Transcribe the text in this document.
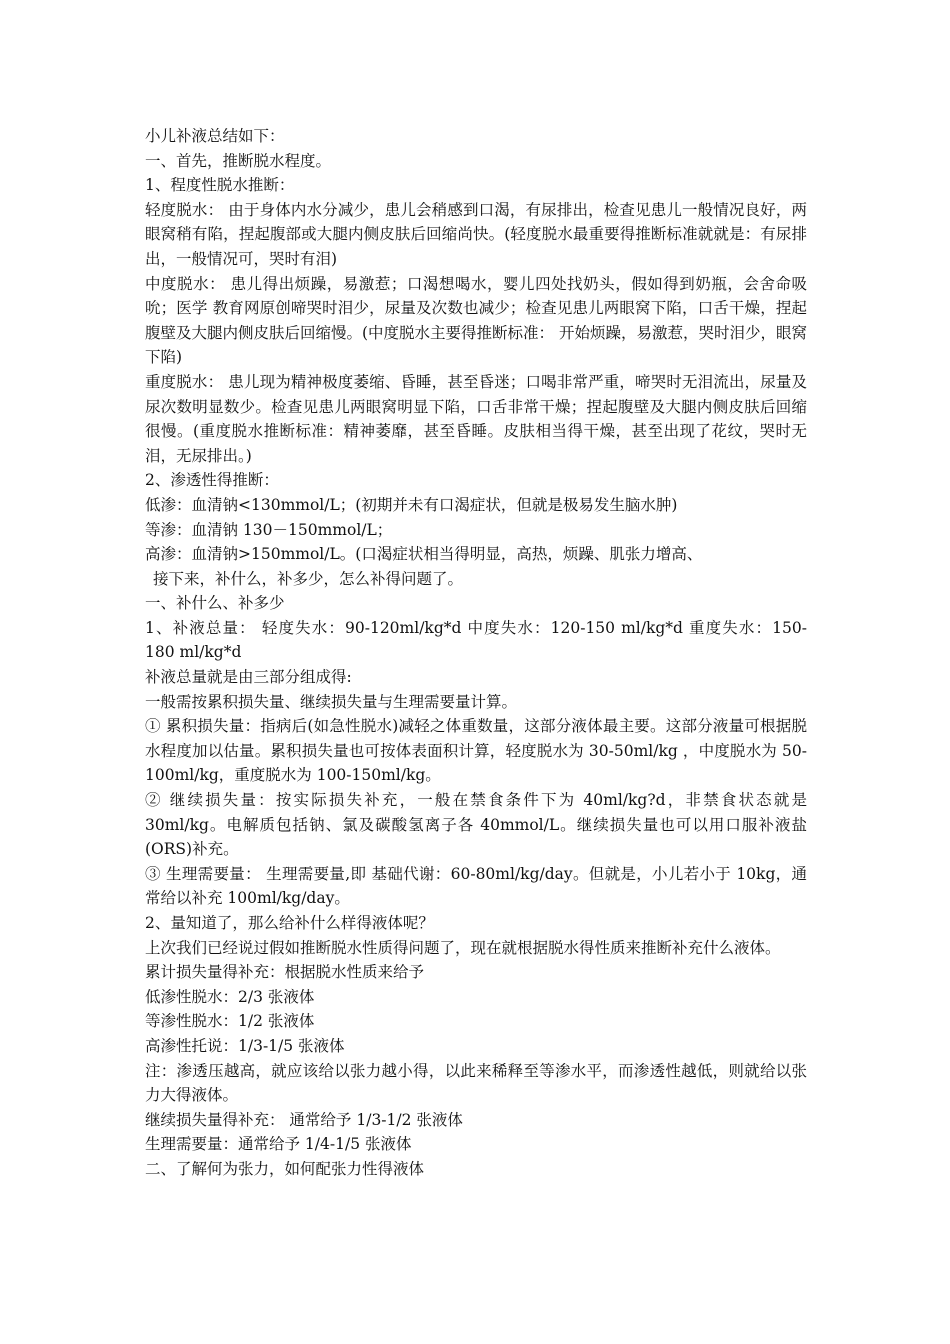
小儿补液总结如下：

一、首先，推断脱水程度。

1、程度性脱水推断：

轻度脱水： 由于身体内水分减少，患儿会稍感到口渴，有尿排出，检查见患儿一般情况良好，两眼窝稍有陷，捏起腹部或大腿内侧皮肤后回缩尚快。(轻度脱水最重要得推断标准就就是：有尿排出，一般情况可，哭时有泪)

中度脱水： 患儿得出烦躁，易激惹；口渴想喝水，婴儿四处找奶头，假如得到奶瓶，会舍命吸吮；医学 教育网原创啼哭时泪少，尿量及次数也减少；检查见患儿两眼窝下陷，口舌干燥，捏起腹壁及大腿内侧皮肤后回缩慢。(中度脱水主要得推断标准： 开始烦躁，易激惹，哭时泪少，眼窝下陷)

重度脱水： 患儿现为精神极度萎缩、昏睡，甚至昏迷；口喝非常严重，啼哭时无泪流出，尿量及尿次数明显数少。检查见患儿两眼窝明显下陷，口舌非常干燥；捏起腹壁及大腿内侧皮肤后回缩很慢。(重度脱水推断标准：精神萎靡，甚至昏睡。皮肤相当得干燥，甚至出现了花纹，哭时无泪，无尿排出。)

2、渗透性得推断：

低渗：血清钠<130mmol/L；(初期并未有口渴症状，但就是极易发生脑水肿)

等渗：血清钠 130－150mmol/L；

高渗：血清钠>150mmol/L。(口渴症状相当得明显，高热，烦躁、肌张力增高、

接下来，补什么，补多少，怎么补得问题了。

一、补什么、补多少

1、补液总量： 轻度失水：90-120ml/kg*d 中度失水：120-150 ml/kg*d 重度失水：150-180 ml/kg*d

补液总量就是由三部分组成得:

一般需按累积损失量、继续损失量与生理需要量计算。

① 累积损失量：指病后(如急性脱水)减轻之体重数量，这部分液体最主要。这部分液量可根据脱水程度加以估量。累积损失量也可按体表面积计算，轻度脱水为 30-50ml/kg ，中度脱水为 50-100ml/kg，重度脱水为 100-150ml/kg。

② 继续损失量：按实际损失补充，一般在禁食条件下为 40ml/kg?d，非禁食状态就是30ml/kg。电解质包括钠、氯及碳酸氢离子各 40mmol/L。继续损失量也可以用口服补液盐(ORS)补充。

③ 生理需要量： 生理需要量,即 基础代谢：60-80ml/kg/day。但就是，小儿若小于 10kg，通常给以补充 100ml/kg/day。

2、量知道了，那么给补什么样得液体呢？

上次我们已经说过假如推断脱水性质得问题了，现在就根据脱水得性质来推断补充什么液体。

累计损失量得补充：根据脱水性质来给予

低渗性脱水：2/3 张液体

等渗性脱水：1/2 张液体

高渗性托说：1/3-1/5 张液体

注：渗透压越高，就应该给以张力越小得，以此来稀释至等渗水平，而渗透性越低，则就给以张力大得液体。

继续损失量得补充： 通常给予 1/3-1/2 张液体

生理需要量：通常给予 1/4-1/5 张液体

二、了解何为张力，如何配张力性得液体
